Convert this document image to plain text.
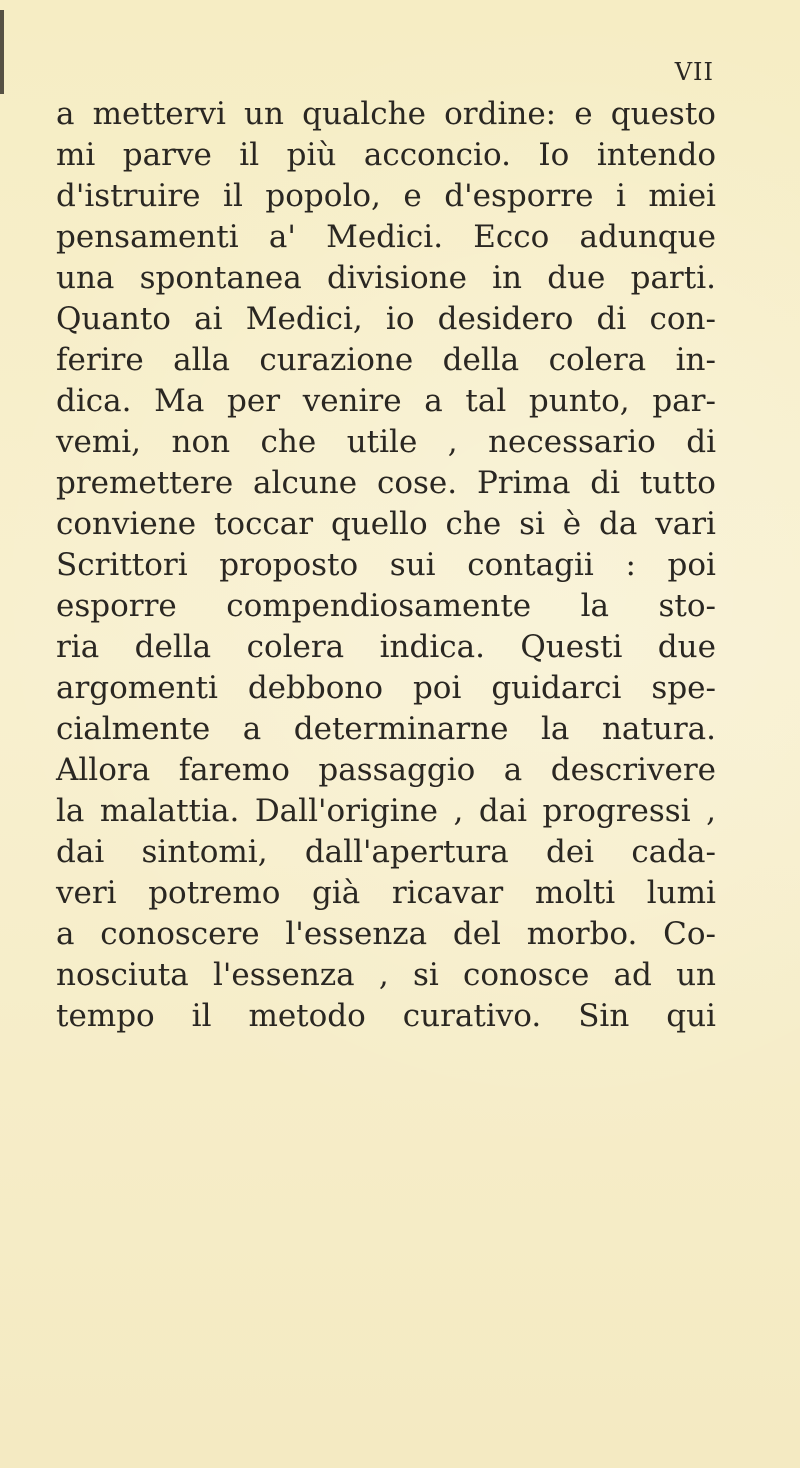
VII
a mettervi un qualche ordine: e questo
mi parve il più acconcio. Io intendo
d'istruire il popolo, e d'esporre i miei
pensamenti a' Medici. Ecco adunque
una spontanea divisione in due parti.
Quanto ai Medici, io desidero di con-
ferire alla curazione della colera in-
dica. Ma per venire a tal punto, par-
vemi, non che utile , necessario di
premettere alcune cose. Prima di tutto
conviene toccar quello che si è da vari
Scrittori proposto sui contagii : poi
esporre compendiosamente la sto-
ria della colera indica. Questi due
argomenti debbono poi guidarci spe-
cialmente a determinarne la natura.
Allora faremo passaggio a descrivere
la malattia. Dall'origine , dai progressi ,
dai sintomi, dall'apertura dei cada-
veri potremo già ricavar molti lumi
a conoscere l'essenza del morbo. Co-
nosciuta l'essenza , si conosce ad un
tempo il metodo curativo. Sin qui
